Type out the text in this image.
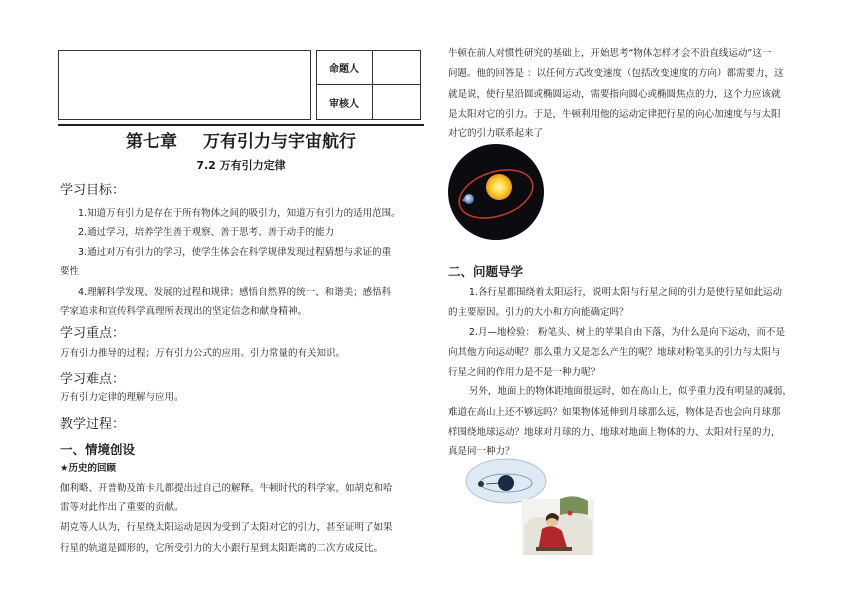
命题人
审核人
第七章 万有引力与宇宙航行
7.2 万有引力定律
学习目标：
1.知道万有引力是存在于所有物体之间的吸引力，知道万有引力的适用范围。
2.通过学习，培养学生善于观察、善于思考、善于动手的能力
3.通过对万有引力的学习，使学生体会在科学规律发现过程猜想与求证的重
要性
4.理解科学发现、发展的过程和规律；感悟自然界的统一、和谐美；感悟科
学家追求和宣传科学真理所表现出的坚定信念和献身精神。
学习重点：
万有引力推导的过程；万有引力公式的应用。引力常量的有关知识。
学习难点：
万有引力定律的理解与应用。
教学过程：
一、情境创设
★历史的回顾
伽利略、开普勒及笛卡儿都提出过自己的解释。牛顿时代的科学家，如胡克和哈
雷等对此作出了重要的贡献。
胡克等人认为，行星绕太阳运动是因为受到了太阳对它的引力，甚至证明了如果
行星的轨道是圆形的，它所受引力的大小跟行星到太阳距离的二次方成反比。
牛顿在前人对惯性研究的基础上，开始思考“物体怎样才会不沿直线运动”这一
问题。他的回答是 ：以任何方式改变速度（包括改变速度的方向）都需要力，这
就是说，使行星沿圆或椭圆运动，需要指向圆心或椭圆焦点的力，这个力应该就
是太阳对它的引力。于是，牛顿利用他的运动定律把行星的向心加速度与与太阳
对它的引力联系起来了
二、问题导学
1.各行星都围绕着太阳运行，说明太阳与行星之间的引力是使行星如此运动
的主要原因。引力的大小和方向能确定吗？
2.月—地检验： 粉笔头、树上的苹果自由下落，为什么是向下运动，而不是
向其他方向运动呢？那么重力又是怎么产生的呢？地球对粉笔头的引力与太阳与
行星之间的作用力是不是一种力呢？
另外，地面上的物体距地面很远时，如在高山上，似乎重力没有明显的减弱，
难道在高山上还不够远吗？如果物体延伸到月球那么远，物体是否也会向月球那
样围绕地球运动？地球对月球的力、地球对地面上物体的力、太阳对行星的力，
真是同一种力？
